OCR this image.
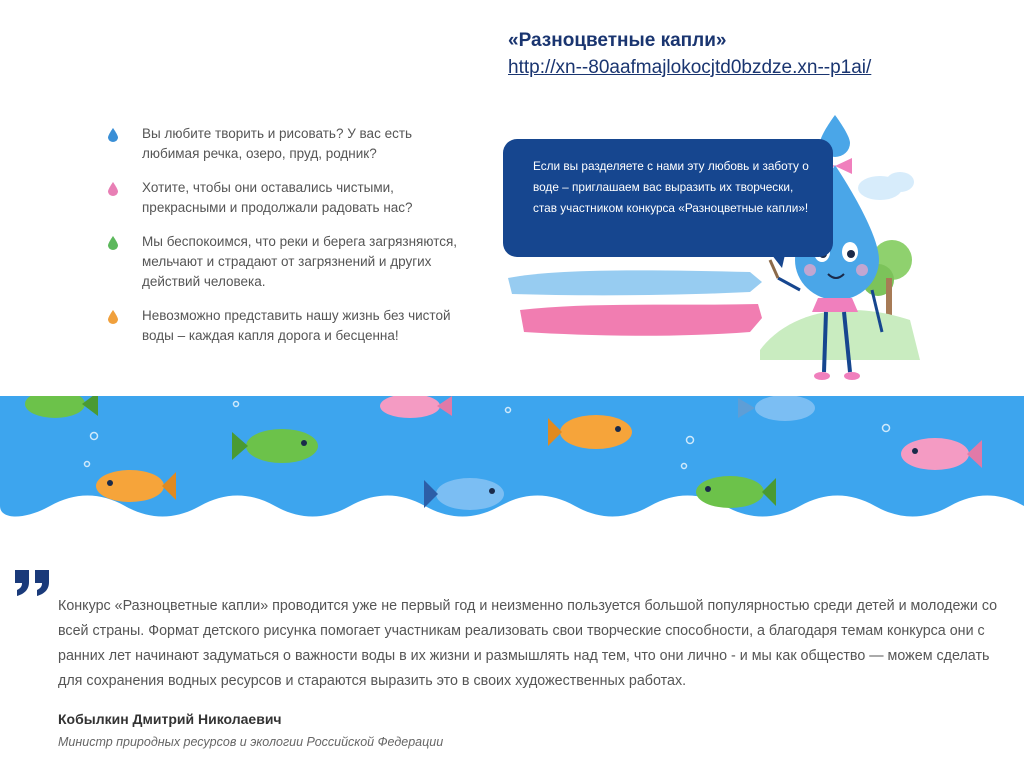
«Разноцветные капли»
http://xn--80aafmajlokocjtd0bzdze.xn--p1ai/
Вы любите творить и рисовать? У вас есть любимая речка, озеро, пруд, родник?
Хотите, чтобы они оставались чистыми, прекрасными и продолжали радовать нас?
Мы беспокоимся, что реки и берега загрязняются, мельчают и страдают от загрязнений и других действий человека.
Невозможно представить нашу жизнь без чистой воды – каждая капля дорога и бесценна!
Если вы разделяете с нами эту любовь и заботу о воде – приглашаем вас выразить их творчески, став участником конкурса «Разноцветные капли»!
Конкурс «Разноцветные капли» проводится уже не первый год и неизменно пользуется большой популярностью среди детей и молодежи со всей страны. Формат детского рисунка помогает участникам реализовать свои творческие способности, а благодаря темам конкурса они с ранних лет начинают задуматься о важности воды в их жизни и размышлять над тем, что они лично - и мы как общество — можем сделать для сохранения водных ресурсов и стараются выразить это в своих художественных работах.
Кобылкин Дмитрий Николаевич
Министр природных ресурсов и экологии Российской Федерации
